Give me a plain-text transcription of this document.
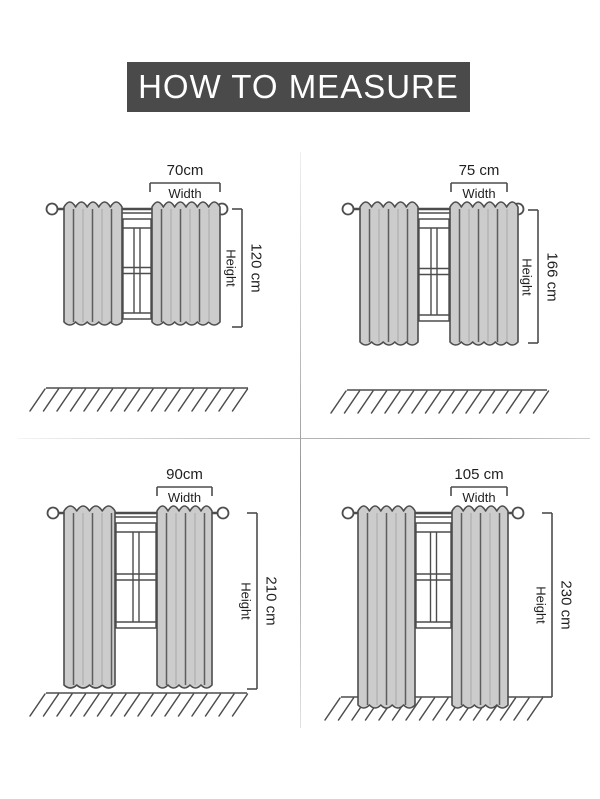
HOW TO MEASURE
70cm
Width
Height 120 cm
75 cm
Width
Height 166 cm
90cm
Width
Height 210 cm
105 cm
Width
Height 230 cm
